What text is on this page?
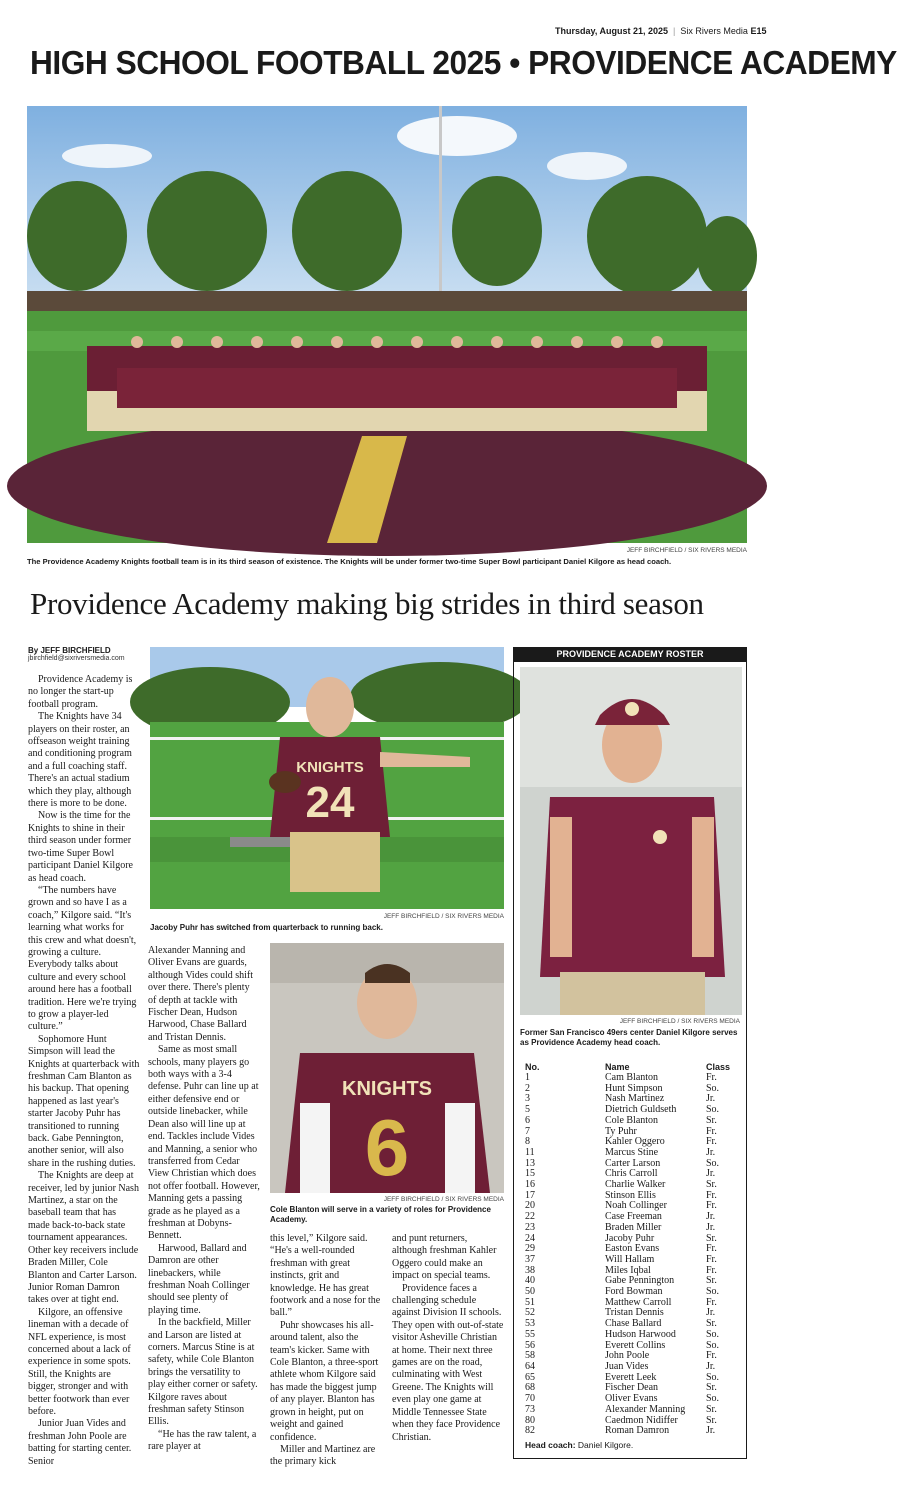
Thursday, August 21, 2025 | Six Rivers Media E15
HIGH SCHOOL FOOTBALL 2025 • PROVIDENCE ACADEMY
JEFF BIRCHFIELD / SIX RIVERS MEDIA
The Providence Academy Knights football team is in its third season of existence. The Knights will be under former two-time Super Bowl participant Daniel Kilgore as head coach.
Providence Academy making big strides in third season
By JEFF BIRCHFIELD
jbirchfield@sixriversmedia.com

Providence Academy is no longer the start-up football program.

The Knights have 34 players on their roster, an offseason weight training and conditioning program and a full coaching staff. There's an actual stadium which they play, although there is more to be done.

Now is the time for the Knights to shine in their third season under former two-time Super Bowl participant Daniel Kilgore as head coach.

“The numbers have grown and so have I as a coach,” Kilgore said. “It's learning what works for this crew and what doesn't, growing a culture. Everybody talks about culture and every school around here has a football tradition. Here we're trying to grow a player-led culture.”

Sophomore Hunt Simpson will lead the Knights at quarterback with freshman Cam Blanton as his backup. That opening happened as last year's starter Jacoby Puhr has transitioned to running back. Gabe Pennington, another senior, will also share in the rushing duties.

The Knights are deep at receiver, led by junior Nash Martinez, a star on the baseball team that has made back-to-back state tournament appearances. Other key receivers include Braden Miller, Cole Blanton and Carter Larson. Junior Roman Damron takes over at tight end.

Kilgore, an offensive lineman with a decade of NFL experience, is most concerned about a lack of experience in some spots. Still, the Knights are bigger, stronger and with better footwork than ever before.

Junior Juan Vides and freshman John Poole are batting for starting center. Senior

KNIGHTS
24
JEFF BIRCHFIELD / SIX RIVERS MEDIA
Jacoby Puhr has switched from quarterback to running back.

Alexander Manning and Oliver Evans are guards, although Vides could shift over there. There's plenty of depth at tackle with Fischer Dean, Hudson Harwood, Chase Ballard and Tristan Dennis.

Same as most small schools, many players go both ways with a 3-4 defense. Puhr can line up at either defensive end or outside linebacker, while Dean also will line up at end. Tackles include Vides and Manning, a senior who transferred from Cedar View Christian which does not offer football. However, Manning gets a passing grade as he played as a freshman at Dobyns-Bennett.

Harwood, Ballard and Damron are other linebackers, while freshman Noah Collinger should see plenty of playing time.

In the backfield, Miller and Larson are listed at corners. Marcus Stine is at safety, while Cole Blanton brings the versatility to play either corner or safety. Kilgore raves about freshman safety Stinson Ellis.

“He has the raw talent, a rare player at

KNIGHTS
6
JEFF BIRCHFIELD / SIX RIVERS MEDIA
Cole Blanton will serve in a variety of roles for Providence Academy.

this level,” Kilgore said. “He's a well-rounded freshman with great instincts, grit and knowledge. He has great footwork and a nose for the ball.”

Puhr showcases his all-around talent, also the team's kicker. Same with Cole Blanton, a three-sport athlete whom Kilgore said has made the biggest jump of any player. Blanton has grown in height, put on weight and gained confidence.

Miller and Martinez are the primary kick

and punt returners, although freshman Kahler Oggero could make an impact on special teams.

Providence faces a challenging schedule against Division II schools. They open with out-of-state visitor Asheville Christian at home. Their next three games are on the road, culminating with West Greene. The Knights will even play one game at Middle Tennessee State when they face Providence Christian.

PROVIDENCE ACADEMY ROSTER
JEFF BIRCHFIELD / SIX RIVERS MEDIA
Former San Francisco 49ers center Daniel Kilgore serves as Providence Academy head coach.
No.	Name	Class
1	Cam Blanton	Fr.
2	Hunt Simpson	So.
3	Nash Martinez	Jr.
5	Dietrich Guldseth	So.
6	Cole Blanton	Sr.
7	Ty Puhr	Fr.
8	Kahler Oggero	Fr.
11	Marcus Stine	Jr.
13	Carter Larson	So.
15	Chris Carroll	Jr.
16	Charlie Walker	Sr.
17	Stinson Ellis	Fr.
20	Noah Collinger	Fr.
22	Case Freeman	Jr.
23	Braden Miller	Jr.
24	Jacoby Puhr	Sr.
29	Easton Evans	Fr.
37	Will Hallam	Fr.
38	Miles Iqbal	Fr.
40	Gabe Pennington	Sr.
50	Ford Bowman	So.
51	Matthew Carroll	Fr.
52	Tristan Dennis	Jr.
53	Chase Ballard	Sr.
55	Hudson Harwood	So.
56	Everett Collins	So.
58	John Poole	Fr.
64	Juan Vides	Jr.
65	Everett Leek	So.
68	Fischer Dean	Sr.
70	Oliver Evans	So.
73	Alexander Manning	Sr.
80	Caedmon Nidiffer	Sr.
82	Roman Damron	Jr.
Head coach: Daniel Kilgore.
